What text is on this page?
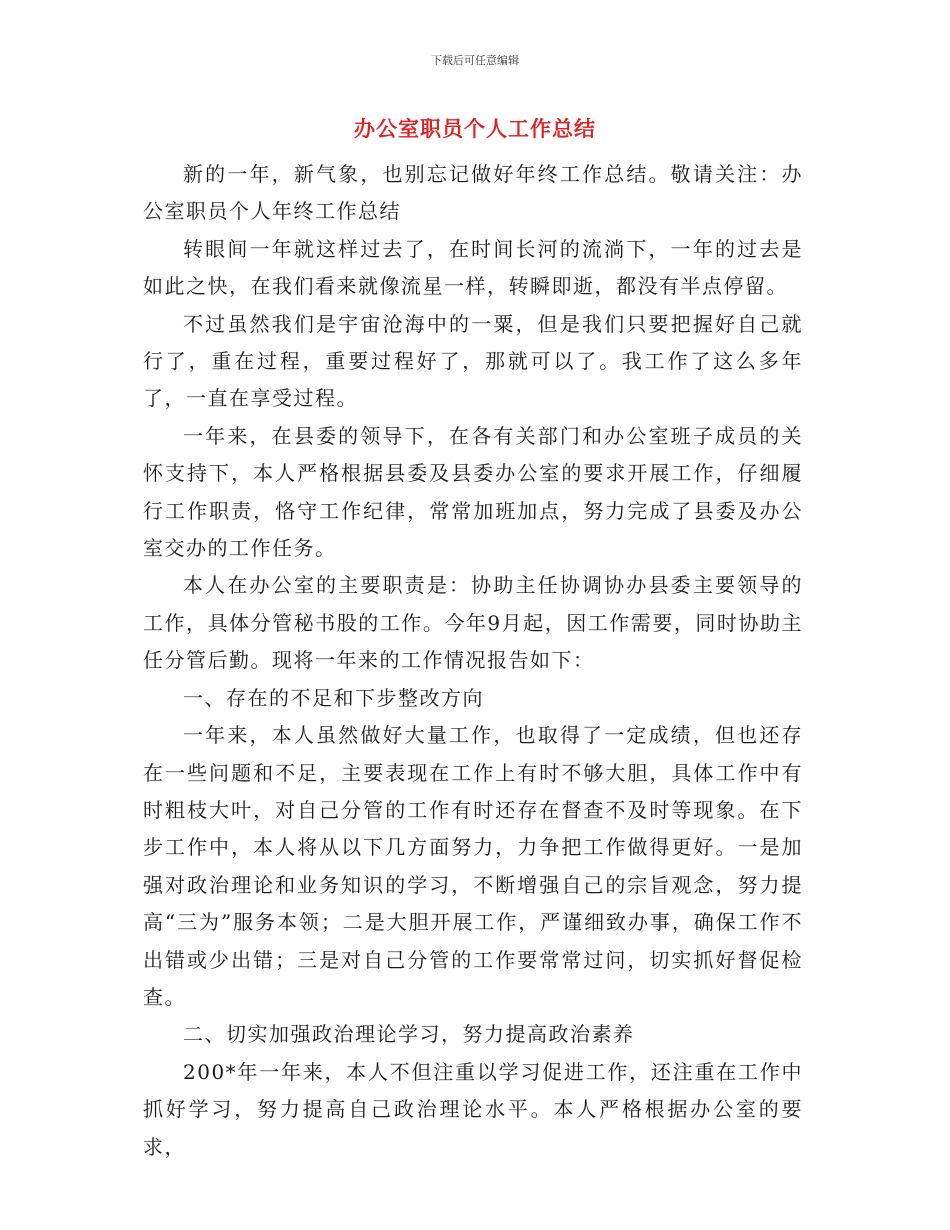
下载后可任意编辑
办公室职员个人工作总结

新的一年，新气象，也别忘记做好年终工作总结。敬请关注：办公室职员个人年终工作总结

转眼间一年就这样过去了，在时间长河的流淌下，一年的过去是如此之快，在我们看来就像流星一样，转瞬即逝，都没有半点停留。

不过虽然我们是宇宙沧海中的一粟，但是我们只要把握好自己就行了，重在过程，重要过程好了，那就可以了。我工作了这么多年了，一直在享受过程。

一年来，在县委的领导下，在各有关部门和办公室班子成员的关怀支持下，本人严格根据县委及县委办公室的要求开展工作，仔细履行工作职责，恪守工作纪律，常常加班加点，努力完成了县委及办公室交办的工作任务。

本人在办公室的主要职责是：协助主任协调协办县委主要领导的工作，具体分管秘书股的工作。今年9月起，因工作需要，同时协助主任分管后勤。现将一年来的工作情况报告如下：

一、存在的不足和下步整改方向

一年来，本人虽然做好大量工作，也取得了一定成绩，但也还存在一些问题和不足，主要表现在工作上有时不够大胆，具体工作中有时粗枝大叶，对自己分管的工作有时还存在督查不及时等现象。在下步工作中，本人将从以下几方面努力，力争把工作做得更好。一是加强对政治理论和业务知识的学习，不断增强自己的宗旨观念，努力提高“三为”服务本领；二是大胆开展工作，严谨细致办事，确保工作不出错或少出错；三是对自己分管的工作要常常过问，切实抓好督促检查。

二、切实加强政治理论学习，努力提高政治素养

200*年一年来，本人不但注重以学习促进工作，还注重在工作中抓好学习，努力提高自己政治理论水平。本人严格根据办公室的要求，
